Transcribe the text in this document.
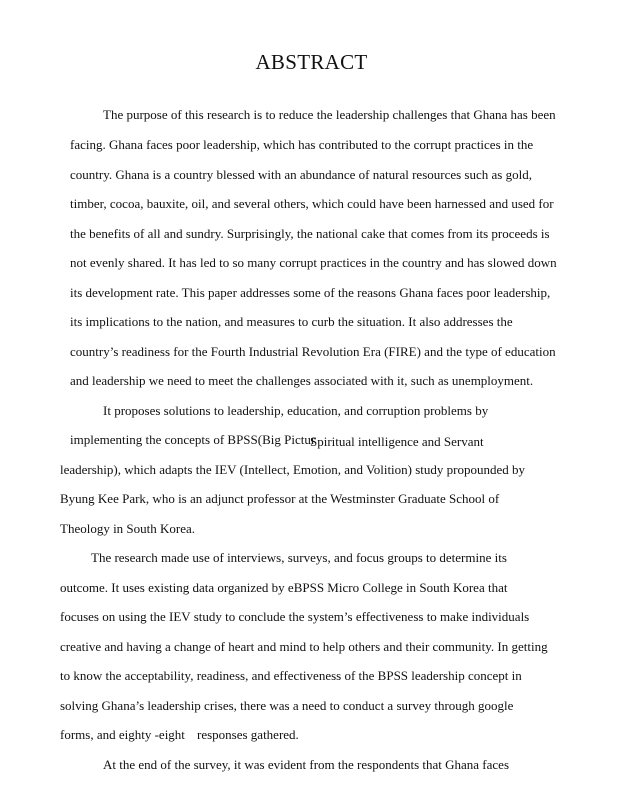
ABSTRACT
The purpose of this research is to reduce the leadership challenges that Ghana has been
facing. Ghana faces poor leadership, which has contributed to the corrupt practices in the
country. Ghana is a country blessed with an abundance of natural resources such as gold,
timber, cocoa, bauxite, oil, and several others, which could have been harnessed and used for
the benefits of all and sundry. Surprisingly, the national cake that comes from its proceeds is
not evenly shared. It has led to so many corrupt practices in the country and has slowed down
its development rate. This paper addresses some of the reasons Ghana faces poor leadership,
its implications to the nation, and measures to curb the situation. It also addresses the
country’s readiness for the Fourth Industrial Revolution Era (FIRE) and the type of education
and leadership we need to meet the challenges associated with it, such as unemployment.
It proposes solutions to leadership, education, and corruption problems by
implementing the concepts of BPSS(Big Pictur
Spiritual intelligence and Servant
leadership), which adapts the IEV (Intellect, Emotion, and Volition) study propounded by
Byung Kee Park, who is an adjunct professor at the Westminster Graduate School of
Theology in South Korea.
The research made use of interviews, surveys, and focus groups to determine its
outcome. It uses existing data organized by eBPSS Micro College in South Korea that
focuses on using the IEV study to conclude the system’s effectiveness to make individuals
creative and having a change of heart and mind to help others and their community. In getting
to know the acceptability, readiness, and effectiveness of the BPSS leadership concept in
solving Ghana’s leadership crises, there was a need to conduct a survey through google
forms, and eighty -eight responses gathered.
At the end of the survey, it was evident from the respondents that Ghana faces
